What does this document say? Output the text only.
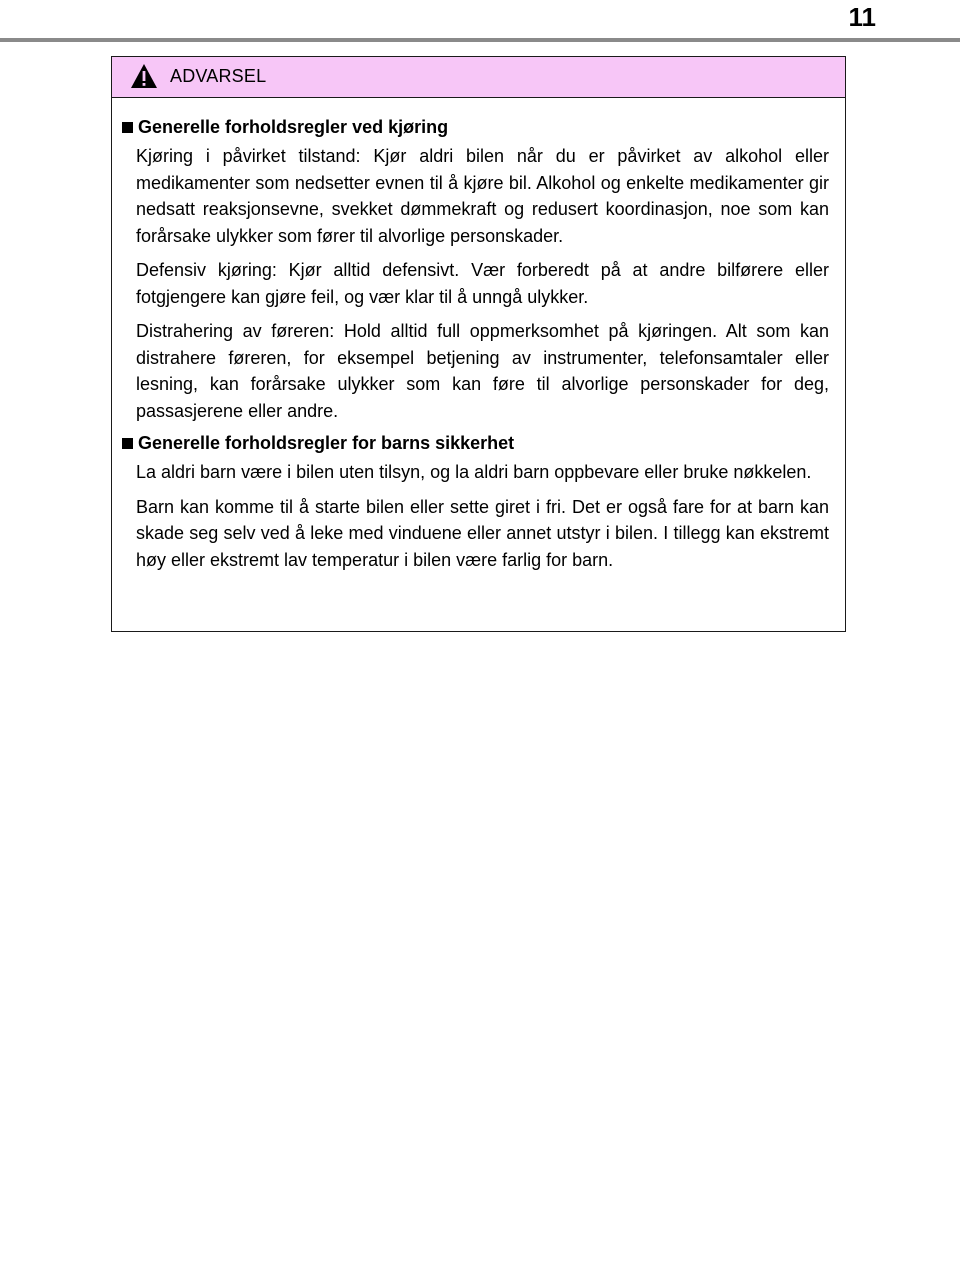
11
ADVARSEL
Generelle forholdsregler ved kjøring

Kjøring i påvirket tilstand: Kjør aldri bilen når du er påvirket av alkohol eller medikamenter som nedsetter evnen til å kjøre bil. Alkohol og enkelte medikamenter gir nedsatt reaksjonsevne, svekket dømmekraft og redusert koordinasjon, noe som kan forårsake ulykker som fører til alvorlige personskader.

Defensiv kjøring: Kjør alltid defensivt. Vær forberedt på at andre bilførere eller fotgjengere kan gjøre feil, og vær klar til å unngå ulykker.

Distrahering av føreren: Hold alltid full oppmerksomhet på kjøringen. Alt som kan distrahere føreren, for eksempel betjening av instrumenter, telefonsamtaler eller lesning, kan forårsake ulykker som kan føre til alvorlige personskader for deg, passasjerene eller andre.

Generelle forholdsregler for barns sikkerhet

La aldri barn være i bilen uten tilsyn, og la aldri barn oppbevare eller bruke nøkkelen.

Barn kan komme til å starte bilen eller sette giret i fri. Det er også fare for at barn kan skade seg selv ved å leke med vinduene eller annet utstyr i bilen. I tillegg kan ekstremt høy eller ekstremt lav temperatur i bilen være farlig for barn.
